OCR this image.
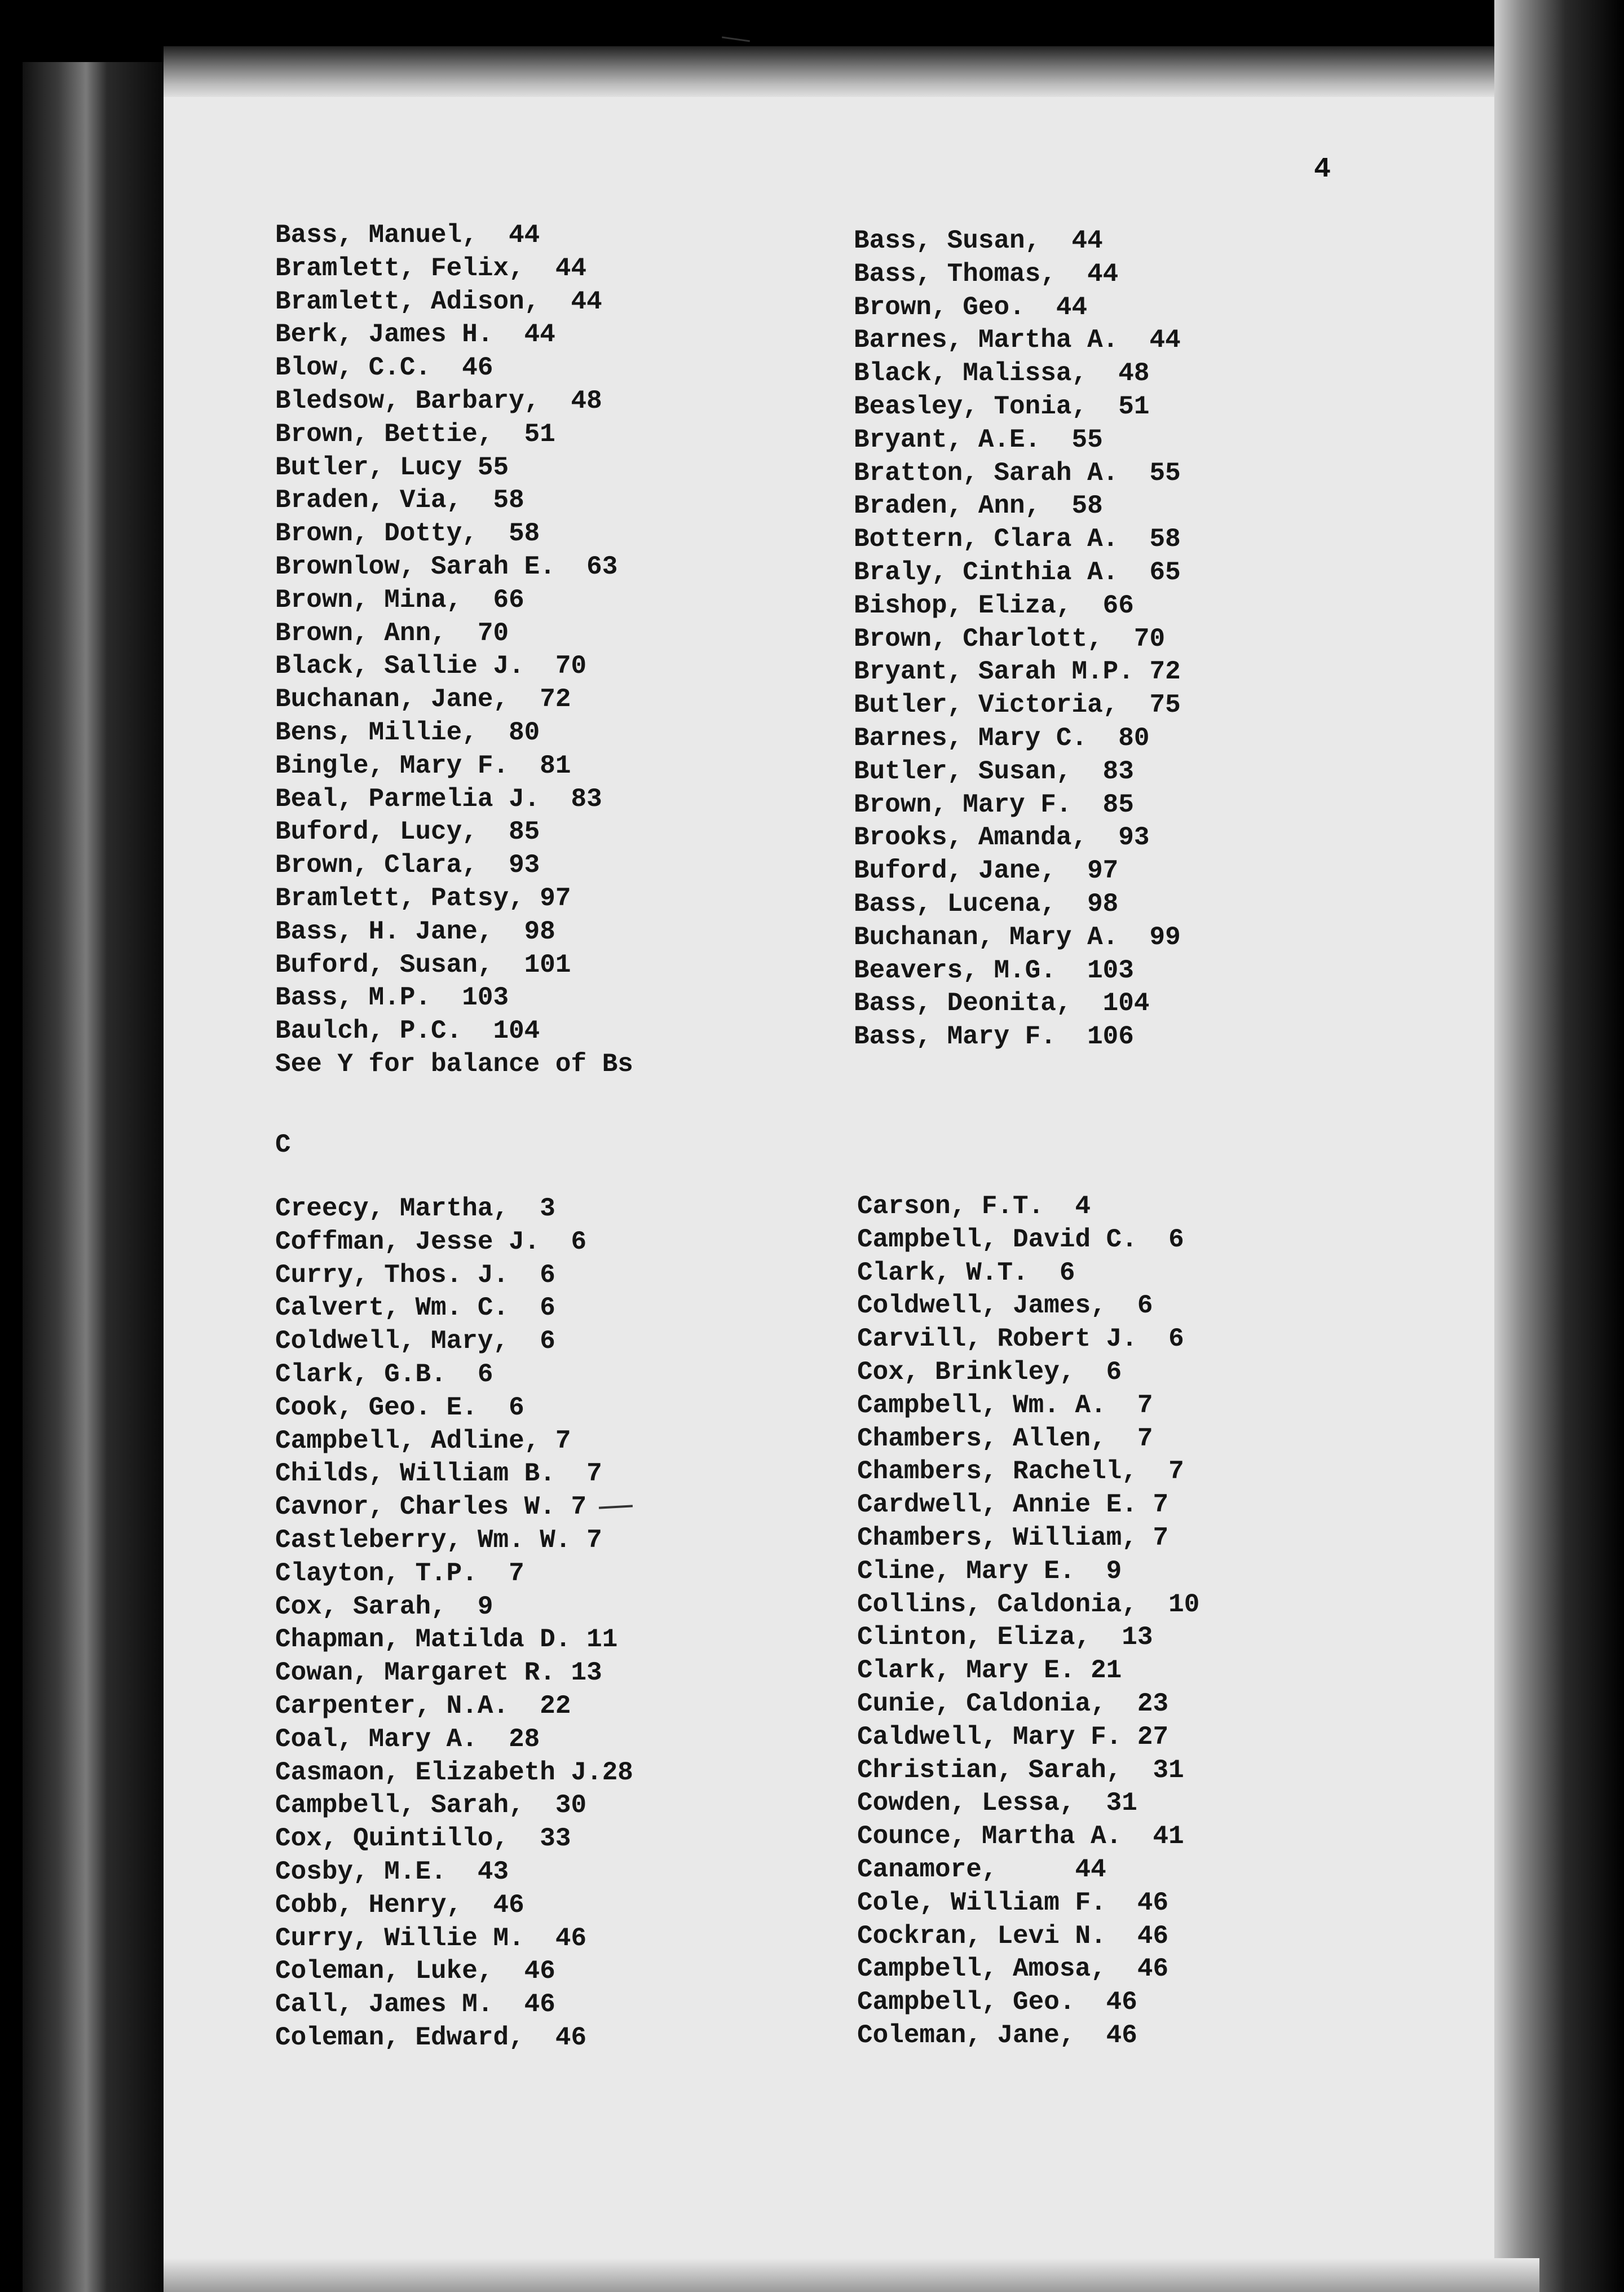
4
Bass, Manuel,  44
Bramlett, Felix,  44
Bramlett, Adison,  44
Berk, James H.  44
Blow, C.C.  46
Bledsow, Barbary,  48
Brown, Bettie,  51
Butler, Lucy 55
Braden, Via,  58
Brown, Dotty,  58
Brownlow, Sarah E.  63
Brown, Mina,  66
Brown, Ann,  70
Black, Sallie J.  70
Buchanan, Jane,  72
Bens, Millie,  80
Bingle, Mary F.  81
Beal, Parmelia J.  83
Buford, Lucy,  85
Brown, Clara,  93
Bramlett, Patsy, 97
Bass, H. Jane,  98
Buford, Susan,  101
Bass, M.P.  103
Baulch, P.C.  104
See Y for balance of Bs
Bass, Susan,  44
Bass, Thomas,  44
Brown, Geo.  44
Barnes, Martha A.  44
Black, Malissa,  48
Beasley, Tonia,  51
Bryant, A.E.  55
Bratton, Sarah A.  55
Braden, Ann,  58
Bottern, Clara A.  58
Braly, Cinthia A.  65
Bishop, Eliza,  66
Brown, Charlott,  70
Bryant, Sarah M.P. 72
Butler, Victoria,  75
Barnes, Mary C.  80
Butler, Susan,  83
Brown, Mary F.  85
Brooks, Amanda,  93
Buford, Jane,  97
Bass, Lucena,  98
Buchanan, Mary A.  99
Beavers, M.G.  103
Bass, Deonita,  104
Bass, Mary F.  106
C
Creecy, Martha,  3
Coffman, Jesse J.  6
Curry, Thos. J.  6
Calvert, Wm. C.  6
Coldwell, Mary,  6
Clark, G.B.  6
Cook, Geo. E.  6
Campbell, Adline, 7
Childs, William B.  7
Cavnor, Charles W. 7
Castleberry, Wm. W. 7
Clayton, T.P.  7
Cox, Sarah,  9
Chapman, Matilda D. 11
Cowan, Margaret R. 13
Carpenter, N.A.  22
Coal, Mary A.  28
Casmaon, Elizabeth J.28
Campbell, Sarah,  30
Cox, Quintillo,  33
Cosby, M.E.  43
Cobb, Henry,  46
Curry, Willie M.  46
Coleman, Luke,  46
Call, James M.  46
Coleman, Edward,  46
Carson, F.T.  4
Campbell, David C.  6
Clark, W.T.  6
Coldwell, James,  6
Carvill, Robert J.  6
Cox, Brinkley,  6
Campbell, Wm. A.  7
Chambers, Allen,  7
Chambers, Rachell,  7
Cardwell, Annie E. 7
Chambers, William, 7
Cline, Mary E.  9
Collins, Caldonia,  10
Clinton, Eliza,  13
Clark, Mary E. 21
Cunie, Caldonia,  23
Caldwell, Mary F. 27
Christian, Sarah,  31
Cowden, Lessa,  31
Counce, Martha A.  41
Canamore,     44
Cole, William F.  46
Cockran, Levi N.  46
Campbell, Amosa,  46
Campbell, Geo.  46
Coleman, Jane,  46
